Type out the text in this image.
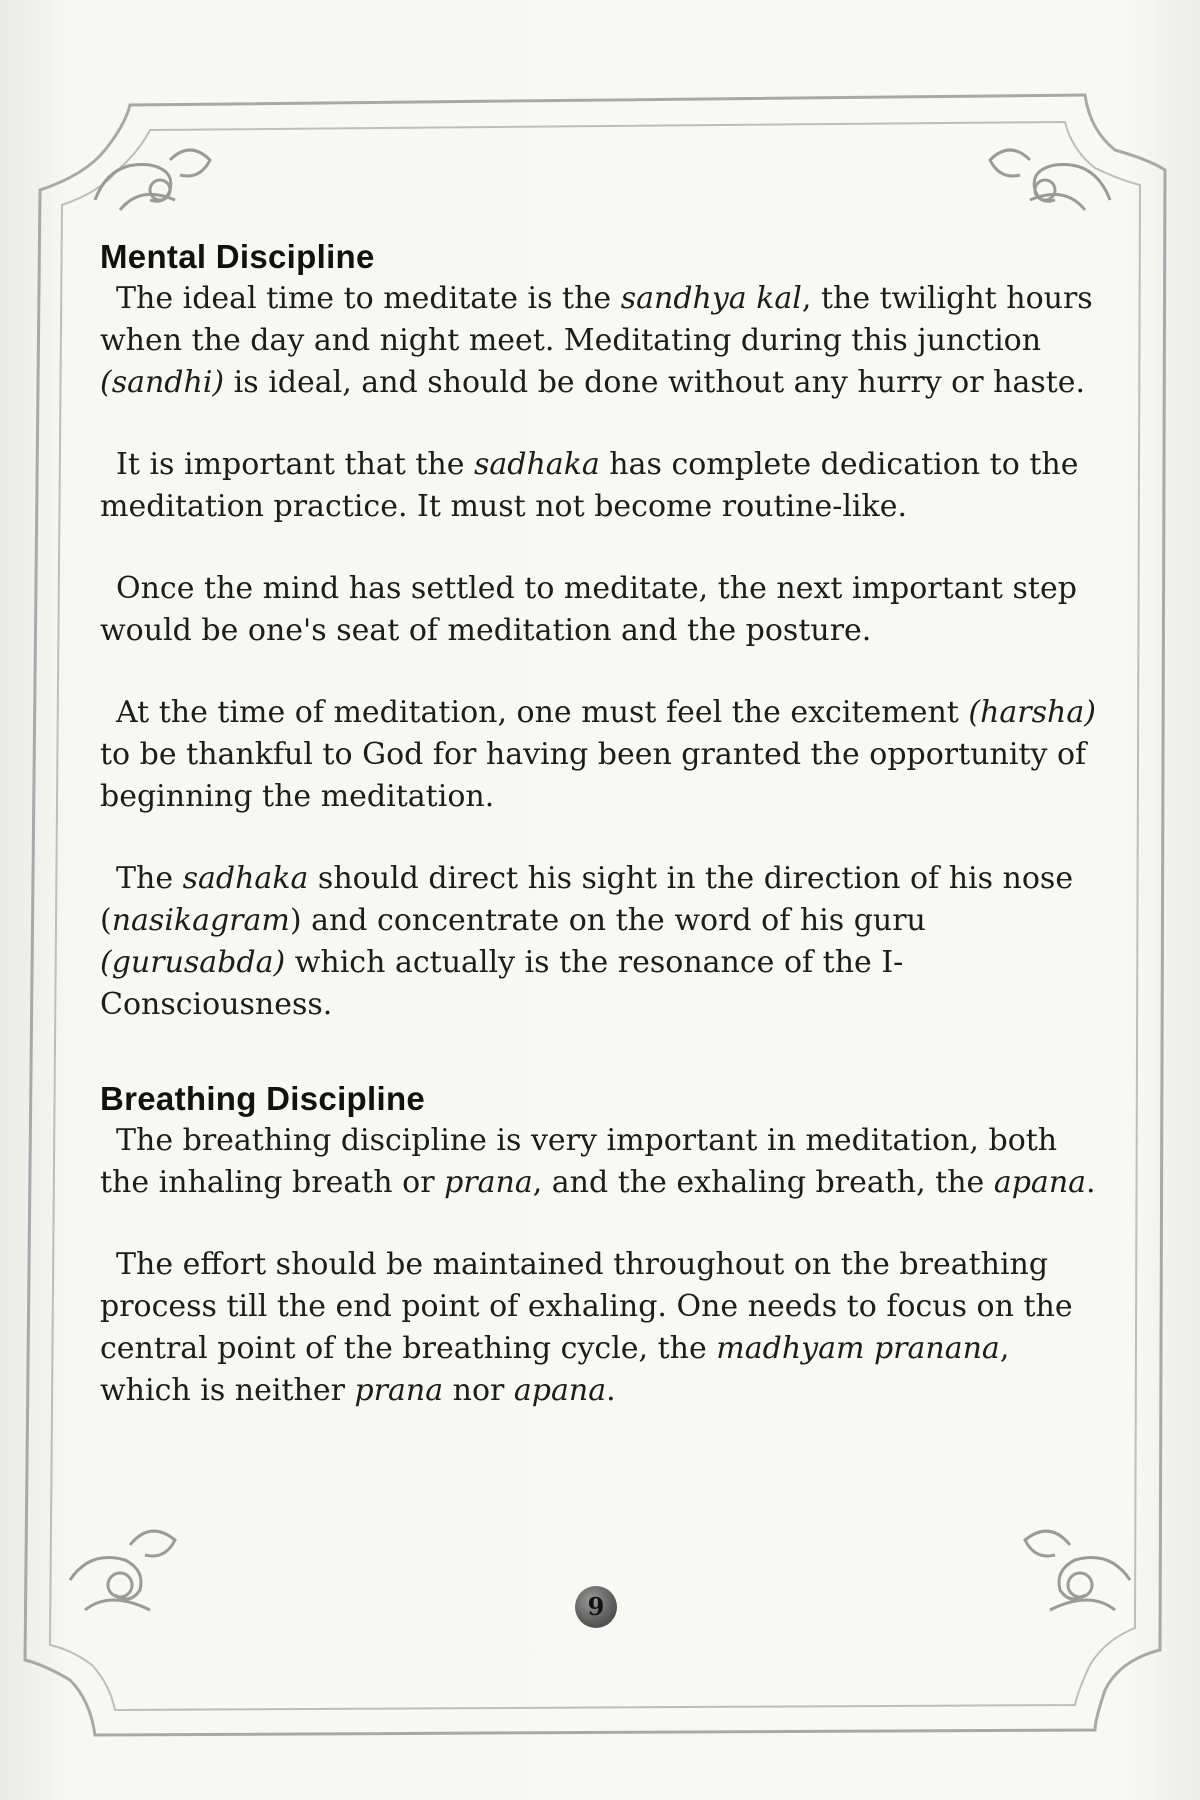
Mental Discipline

The ideal time to meditate is the sandhya kal, the twilight hours when the day and night meet. Meditating during this junction (sandhi) is ideal, and should be done without any hurry or haste.

It is important that the sadhaka has complete dedication to the meditation practice. It must not become routine-like.

Once the mind has settled to meditate, the next important step would be one's seat of meditation and the posture.

At the time of meditation, one must feel the excitement (harsha) to be thankful to God for having been granted the opportunity of beginning the meditation.

The sadhaka should direct his sight in the direction of his nose (nasikagram) and concentrate on the word of his guru (gurusabda) which actually is the resonance of the I-Consciousness.

Breathing Discipline

The breathing discipline is very important in meditation, both the inhaling breath or prana, and the exhaling breath, the apana.

The effort should be maintained throughout on the breathing process till the end point of exhaling. One needs to focus on the central point of the breathing cycle, the madhyam pranana, which is neither prana nor apana.

9
